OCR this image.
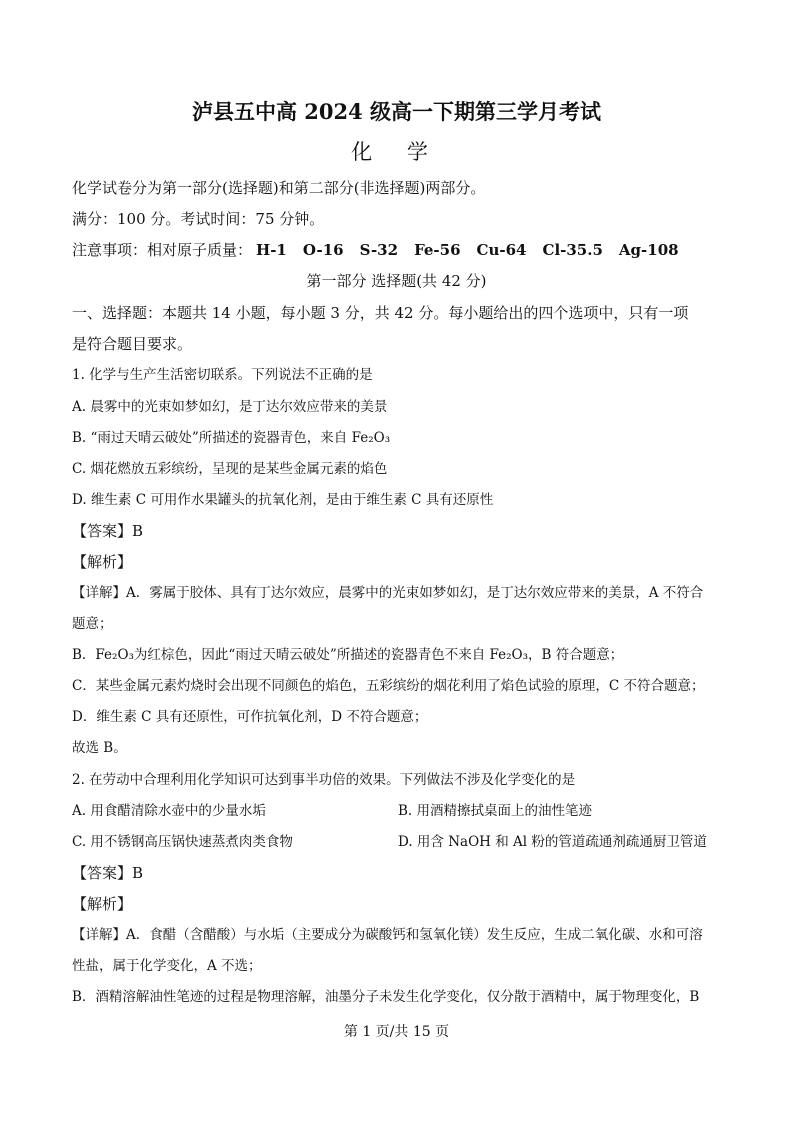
泸县五中高 2024 级高一下期第三学月考试
化 学
化学试卷分为第一部分(选择题)和第二部分(非选择题)两部分。
满分：100 分。考试时间：75 分钟。
注意事项：相对原子质量： H-1 O-16 S-32 Fe-56 Cu-64 Cl-35.5 Ag-108
第一部分 选择题(共 42 分)
一、选择题：本题共 14 小题，每小题 3 分，共 42 分。每小题给出的四个选项中，只有一项
是符合题目要求。
1. 化学与生产生活密切联系。下列说法不正确的是
A. 晨雾中的光束如梦如幻，是丁达尔效应带来的美景
B. “雨过天晴云破处”所描述的瓷器青色，来自 Fe₂O₃
C. 烟花燃放五彩缤纷，呈现的是某些金属元素的焰色
D. 维生素 C 可用作水果罐头的抗氧化剂，是由于维生素 C 具有还原性
【答案】B
【解析】
【详解】A．雾属于胶体、具有丁达尔效应，晨雾中的光束如梦如幻，是丁达尔效应带来的美景，A 不符合
题意；
B．Fe₂O₃为红棕色，因此“雨过天晴云破处”所描述的瓷器青色不来自 Fe₂O₃，B 符合题意；
C．某些金属元素灼烧时会出现不同颜色的焰色，五彩缤纷的烟花利用了焰色试验的原理，C 不符合题意；
D．维生素 C 具有还原性，可作抗氧化剂，D 不符合题意；
故选 B。
2. 在劳动中合理利用化学知识可达到事半功倍的效果。下列做法不涉及化学变化的是
A. 用食醋清除水壶中的少量水垢	B. 用酒精擦拭桌面上的油性笔迹
C. 用不锈钢高压锅快速蒸煮肉类食物	D. 用含 NaOH 和 Al 粉的管道疏通剂疏通厨卫管道
【答案】B
【解析】
【详解】A．食醋（含醋酸）与水垢（主要成分为碳酸钙和氢氧化镁）发生反应，生成二氧化碳、水和可溶
性盐，属于化学变化，A 不选；
B．酒精溶解油性笔迹的过程是物理溶解，油墨分子未发生化学变化，仅分散于酒精中，属于物理变化，B
第 1 页/共 15 页
